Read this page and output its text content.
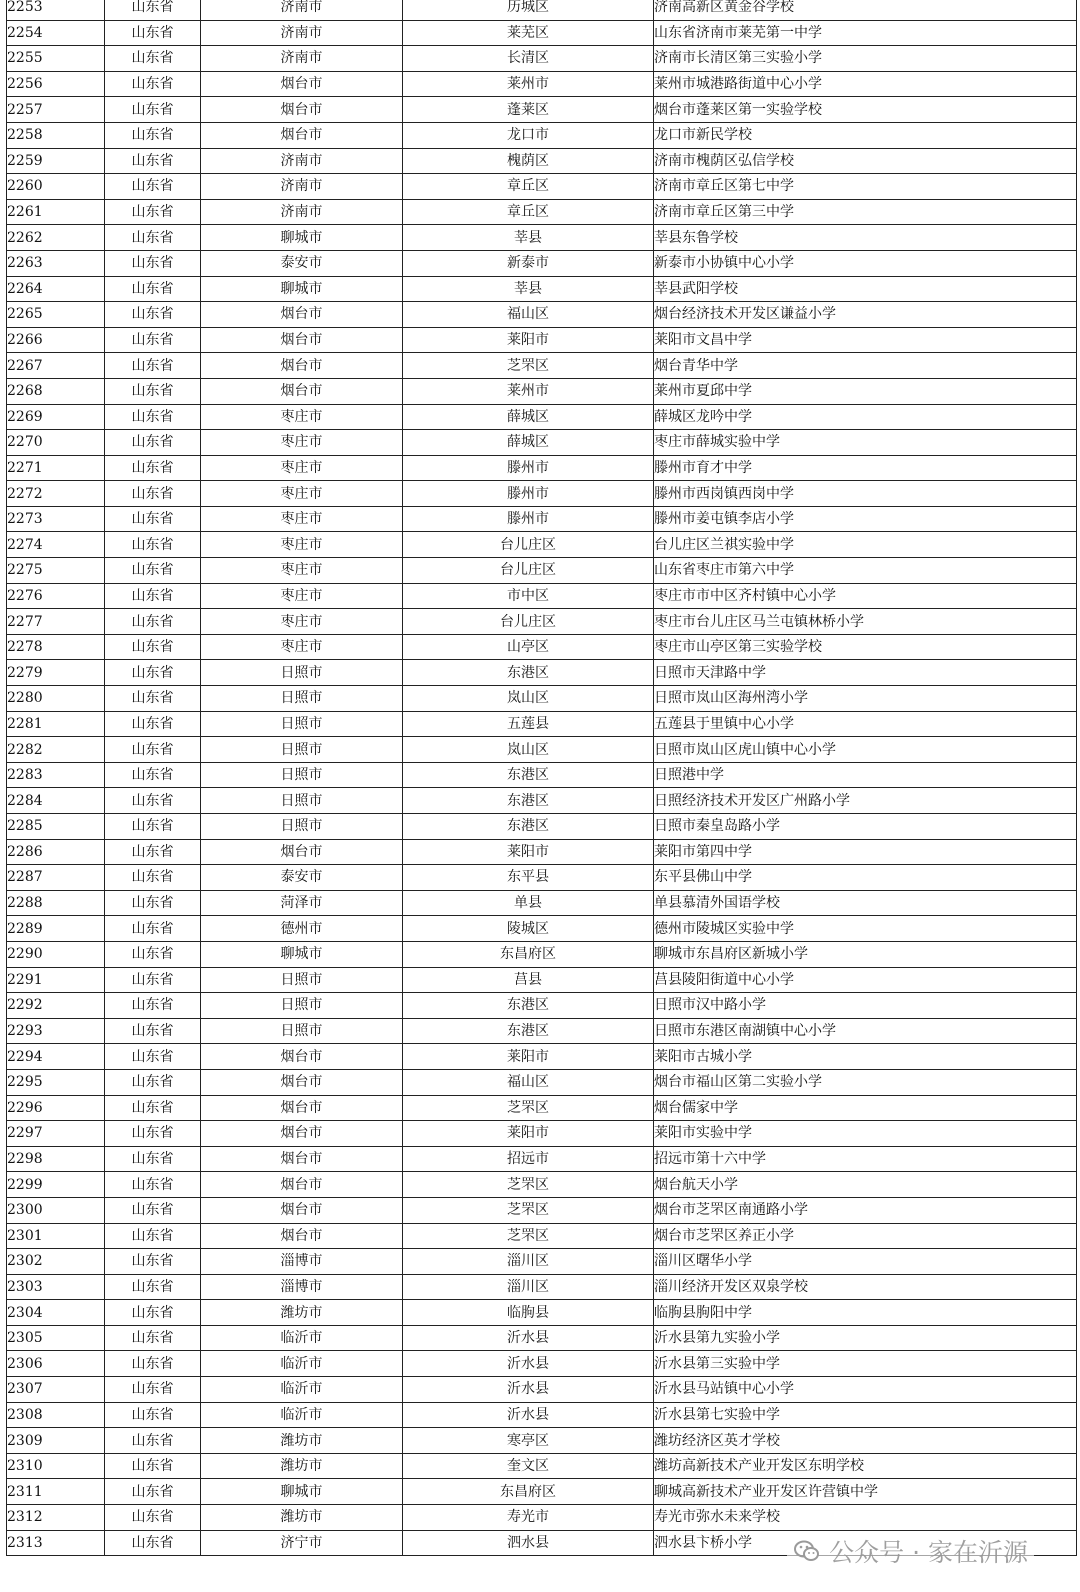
2253	山东省	济南市	历城区	济南高新区黄金谷学校
2254	山东省	济南市	莱芜区	山东省济南市莱芜第一中学
2255	山东省	济南市	长清区	济南市长清区第三实验小学
2256	山东省	烟台市	莱州市	莱州市城港路街道中心小学
2257	山东省	烟台市	蓬莱区	烟台市蓬莱区第一实验学校
2258	山东省	烟台市	龙口市	龙口市新民学校
2259	山东省	济南市	槐荫区	济南市槐荫区弘信学校
2260	山东省	济南市	章丘区	济南市章丘区第七中学
2261	山东省	济南市	章丘区	济南市章丘区第三中学
2262	山东省	聊城市	莘县	莘县东鲁学校
2263	山东省	泰安市	新泰市	新泰市小协镇中心小学
2264	山东省	聊城市	莘县	莘县武阳学校
2265	山东省	烟台市	福山区	烟台经济技术开发区谦益小学
2266	山东省	烟台市	莱阳市	莱阳市文昌中学
2267	山东省	烟台市	芝罘区	烟台青华中学
2268	山东省	烟台市	莱州市	莱州市夏邱中学
2269	山东省	枣庄市	薛城区	薛城区龙吟中学
2270	山东省	枣庄市	薛城区	枣庄市薛城实验中学
2271	山东省	枣庄市	滕州市	滕州市育才中学
2272	山东省	枣庄市	滕州市	滕州市西岗镇西岗中学
2273	山东省	枣庄市	滕州市	滕州市姜屯镇李店小学
2274	山东省	枣庄市	台儿庄区	台儿庄区兰祺实验中学
2275	山东省	枣庄市	台儿庄区	山东省枣庄市第六中学
2276	山东省	枣庄市	市中区	枣庄市市中区齐村镇中心小学
2277	山东省	枣庄市	台儿庄区	枣庄市台儿庄区马兰屯镇林桥小学
2278	山东省	枣庄市	山亭区	枣庄市山亭区第三实验学校
2279	山东省	日照市	东港区	日照市天津路中学
2280	山东省	日照市	岚山区	日照市岚山区海州湾小学
2281	山东省	日照市	五莲县	五莲县于里镇中心小学
2282	山东省	日照市	岚山区	日照市岚山区虎山镇中心小学
2283	山东省	日照市	东港区	日照港中学
2284	山东省	日照市	东港区	日照经济技术开发区广州路小学
2285	山东省	日照市	东港区	日照市秦皇岛路小学
2286	山东省	烟台市	莱阳市	莱阳市第四中学
2287	山东省	泰安市	东平县	东平县佛山中学
2288	山东省	菏泽市	单县	单县慕清外国语学校
2289	山东省	德州市	陵城区	德州市陵城区实验中学
2290	山东省	聊城市	东昌府区	聊城市东昌府区新城小学
2291	山东省	日照市	莒县	莒县陵阳街道中心小学
2292	山东省	日照市	东港区	日照市汉中路小学
2293	山东省	日照市	东港区	日照市东港区南湖镇中心小学
2294	山东省	烟台市	莱阳市	莱阳市古城小学
2295	山东省	烟台市	福山区	烟台市福山区第二实验小学
2296	山东省	烟台市	芝罘区	烟台儒家中学
2297	山东省	烟台市	莱阳市	莱阳市实验中学
2298	山东省	烟台市	招远市	招远市第十六中学
2299	山东省	烟台市	芝罘区	烟台航天小学
2300	山东省	烟台市	芝罘区	烟台市芝罘区南通路小学
2301	山东省	烟台市	芝罘区	烟台市芝罘区养正小学
2302	山东省	淄博市	淄川区	淄川区曙华小学
2303	山东省	淄博市	淄川区	淄川经济开发区双泉学校
2304	山东省	潍坊市	临朐县	临朐县朐阳中学
2305	山东省	临沂市	沂水县	沂水县第九实验小学
2306	山东省	临沂市	沂水县	沂水县第三实验中学
2307	山东省	临沂市	沂水县	沂水县马站镇中心小学
2308	山东省	临沂市	沂水县	沂水县第七实验中学
2309	山东省	潍坊市	寒亭区	潍坊经济区英才学校
2310	山东省	潍坊市	奎文区	潍坊高新技术产业开发区东明学校
2311	山东省	聊城市	东昌府区	聊城高新技术产业开发区许营镇中学
2312	山东省	潍坊市	寿光市	寿光市弥水未来学校
2313	山东省	济宁市	泗水县	泗水县卞桥小学	公众号 · 家在沂源
